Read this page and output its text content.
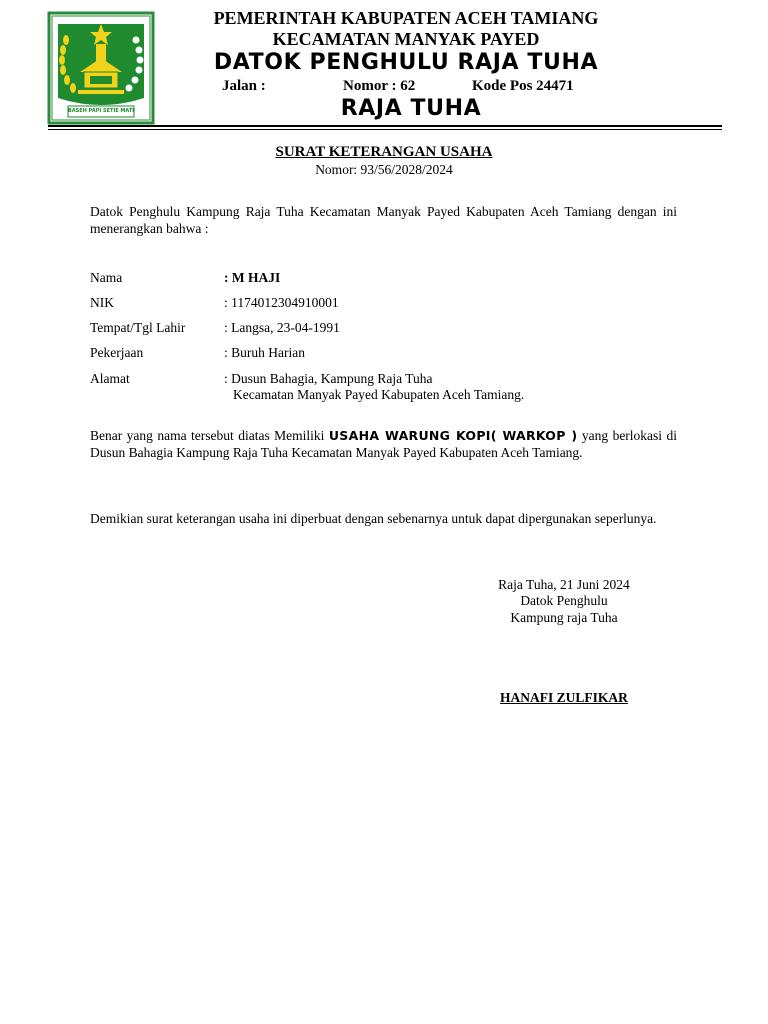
BASEH PAPI SETIE MATI
PEMERINTAH KABUPATEN ACEH TAMIANG
KECAMATAN MANYAK PAYED
DATOK PENGHULU RAJA TUHA
Jalan :	Nomor : 62	Kode Pos 24471
RAJA TUHA
SURAT KETERANGAN USAHA
Nomor: 93/56/2028/2024
Datok Penghulu Kampung Raja Tuha Kecamatan Manyak Payed Kabupaten Aceh Tamiang dengan ini menerangkan bahwa :
Nama	: M HAJI
NIK	: 1174012304910001
Tempat/Tgl Lahir	: Langsa, 23-04-1991
Pekerjaan	: Buruh Harian
Alamat	: Dusun Bahagia, Kampung Raja Tuha
Kecamatan Manyak Payed Kabupaten Aceh Tamiang.
Benar yang nama tersebut diatas Memiliki USAHA WARUNG KOPI( WARKOP ) yang berlokasi di Dusun Bahagia Kampung Raja Tuha Kecamatan Manyak Payed Kabupaten Aceh Tamiang.
Demikian surat keterangan usaha ini diperbuat dengan sebenarnya untuk dapat dipergunakan seperlunya.
Raja Tuha, 21 Juni 2024
Datok Penghulu
Kampung raja Tuha
HANAFI ZULFIKAR
